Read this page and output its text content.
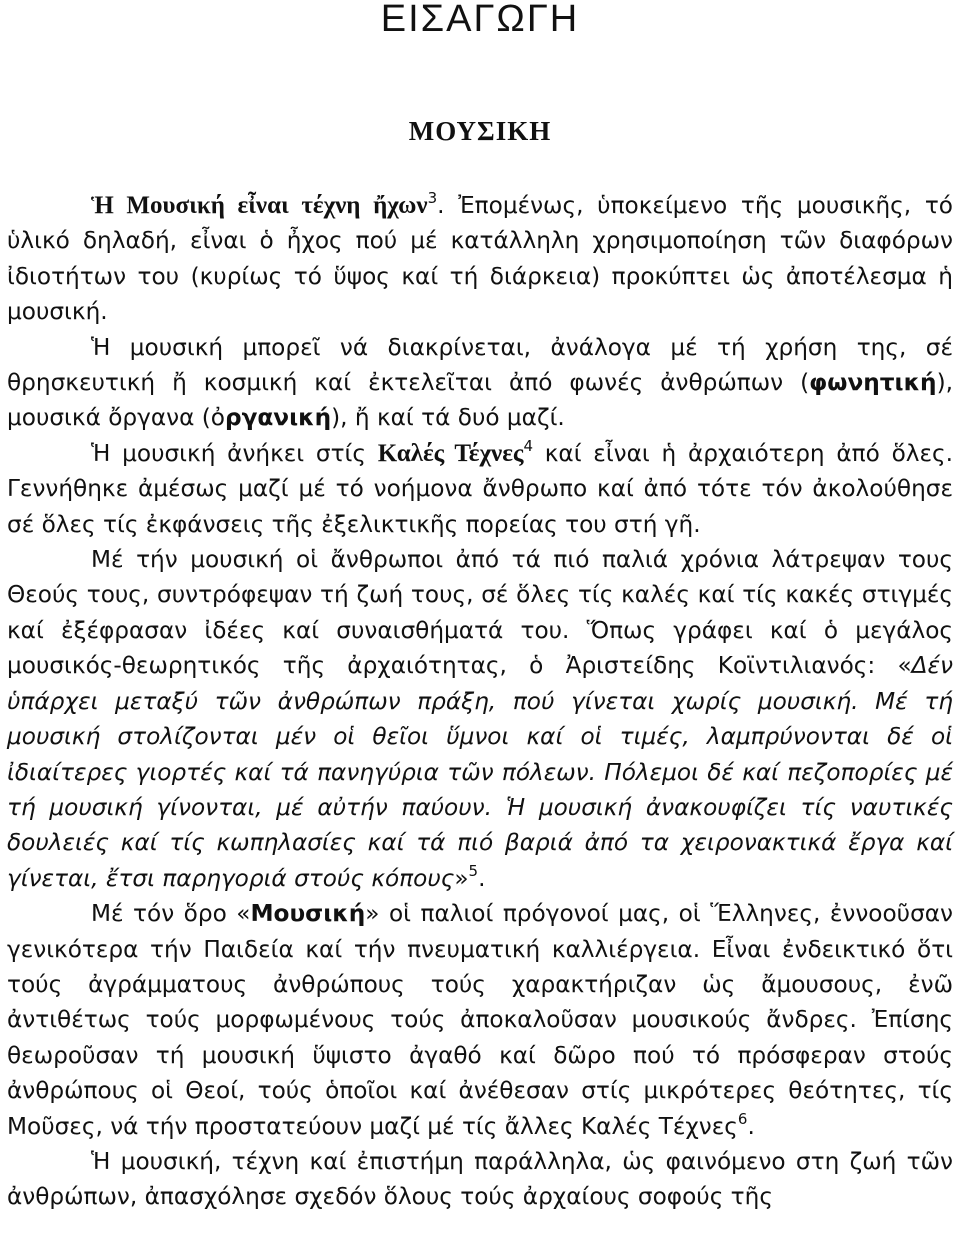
ΕΙΣΑΓΩΓΗ
ΜΟΥΣΙΚΗ

Ἡ Μουσική εἶναι τέχνη ἤχων$^3$. Ἐπομένως, ὑποκείμενο τῆς μουσικῆς, τό ὑλικό δηλαδή, εἶναι ὁ ἦχος πού μέ κατάλληλη χρησιμοποίηση τῶν διαφόρων ἰδιοτήτων του (κυρίως τό ὕψος καί τή διάρκεια) προκύπτει ὡς ἀποτέλεσμα ἡ μουσική.

Ἡ μουσική μπορεῖ νά διακρίνεται, ἀνάλογα μέ τή χρήση της, σέ θρησκευτική ἤ κοσμική καί ἐκτελεῖται ἀπό φωνές ἀνθρώπων (φωνητική), μουσικά ὄργανα (ὀργανική), ἤ καί τά δυό μαζί.

Ἡ μουσική ἀνήκει στίς Καλές Τέχνες$^4$ καί εἶναι ἡ ἀρχαιότερη ἀπό ὅλες. Γεννήθηκε ἀμέσως μαζί μέ τό νοήμονα ἄνθρωπο καί ἀπό τότε τόν ἀκολούθησε σέ ὅλες τίς ἐκφάνσεις τῆς ἐξελικτικῆς πορείας του στή γῆ.

Μέ τήν μουσική οἱ ἄνθρωποι ἀπό τά πιό παλιά χρόνια λάτρεψαν τους Θεούς τους, συντρόφεψαν τή ζωή τους, σέ ὅλες τίς καλές καί τίς κακές στιγμές καί ἐξέφρασαν ἰδέες καί συναισθήματά του. Ὅπως γράφει καί ὁ μεγάλος μουσικός-θεωρητικός τῆς ἀρχαιότητας, ὁ Ἀριστείδης Κοϊντιλιανός: «Δέν ὑπάρχει μεταξύ τῶν ἀνθρώπων πράξη, πού γίνεται χωρίς μουσική. Μέ τή μουσική στολίζονται μέν οἱ θεῖοι ὕμνοι καί οἱ τιμές, λαμπρύνονται δέ οἱ ἰδιαίτερες γιορτές καί τά πανηγύρια τῶν πόλεων. Πόλεμοι δέ καί πεζοπορίες μέ τή μουσική γίνονται, μέ αὐτήν παύουν. Ἡ μουσική ἀνακουφίζει τίς ναυτικές δουλειές καί τίς κωπηλασίες καί τά πιό βαριά ἀπό τα χειρονακτικά ἔργα καί γίνεται, ἔτσι παρηγοριά στούς κόπους»$^5$.

Μέ τόν ὅρο «Μουσική» οἱ παλιοί πρόγονοί μας, οἱ Ἕλληνες, ἐννοοῦσαν γενικότερα τήν Παιδεία καί τήν πνευματική καλλιέργεια. Εἶναι ἐνδεικτικό ὅτι τούς ἀγράμματους ἀνθρώπους τούς χαρακτήριζαν ὡς ἄμουσους, ἐνῶ ἀντιθέτως τούς μορφωμένους τούς ἀποκαλοῦσαν μουσικούς ἄνδρες. Ἐπίσης θεωροῦσαν τή μουσική ὕψιστο ἀγαθό καί δῶρο πού τό πρόσφεραν στούς ἀνθρώπους οἱ Θεοί, τούς ὁποῖοι καί ἀνέθεσαν στίς μικρότερες θεότητες, τίς Μοῦσες, νά τήν προστατεύουν μαζί μέ τίς ἄλλες Καλές Τέχνες$^6$.

Ἡ μουσική, τέχνη καί ἐπιστήμη παράλληλα, ὡς φαινόμενο στη ζωή τῶν ἀνθρώπων, ἀπασχόλησε σχεδόν ὅλους τούς ἀρχαίους σοφούς τῆς
